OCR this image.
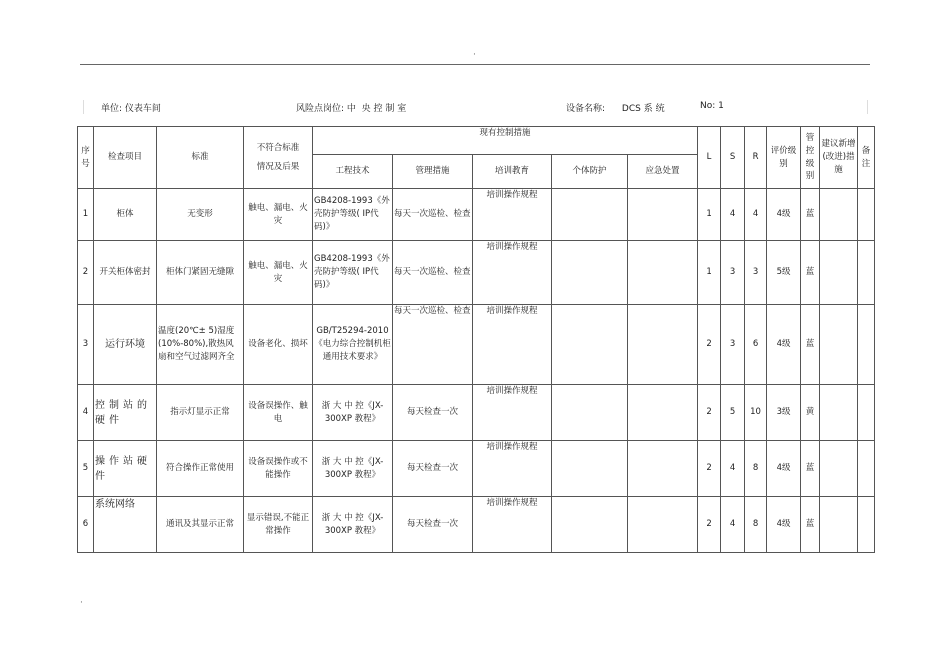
·
单位: 仪表车间	风险点岗位: 中  央 控 制 室	设备名称: DCS 系 统	No: 1
序号	检查项目	标准	不符合标准
情况及后果	现有控制措施					L	S	R	评价级别	管控级别	建议新增(改进)措施	备注
				工程技术	管理措施	培训教育	个体防护	应急处置							
1	柜体	无变形	触电、漏电、火灾	GB4208-1993《外壳防护等级( IP代码)》	每天一次巡检、检查	培训操作规程			1	4	4	4级	蓝		
2	开关柜体密封	柜体门紧固无缝隙	触电、漏电、火灾	GB4208-1993《外壳防护等级( IP代码)》	每天一次巡检、检查	培训操作规程			1	3	3	5级	蓝		
3	运行环境	温度(20℃± 5)湿度(10%-80%),散热风扇和空气过滤网齐全	设备老化、损坏	GB/T25294-2010《电力综合控制机柜通用技术要求》	每天一次巡检、检查	培训操作规程			2	3	6	4级	蓝		
4	控制站的硬件	指示灯显示正常	设备误操作、触电	浙 大 中 控《JX-300XP 教程》	每天检查一次	培训操作规程			2	5	10	3级	黄		
5	操作站硬件	符合操作正常使用	设备误操作或不能操作	浙 大 中 控《JX-300XP 教程》	每天检查一次	培训操作规程			2	4	8	4级	蓝		
6	系统网络	通讯及其显示正常	显示错误,不能正常操作	浙 大 中 控《JX-300XP 教程》	每天检查一次	培训操作规程			2	4	8	4级	蓝		
·
